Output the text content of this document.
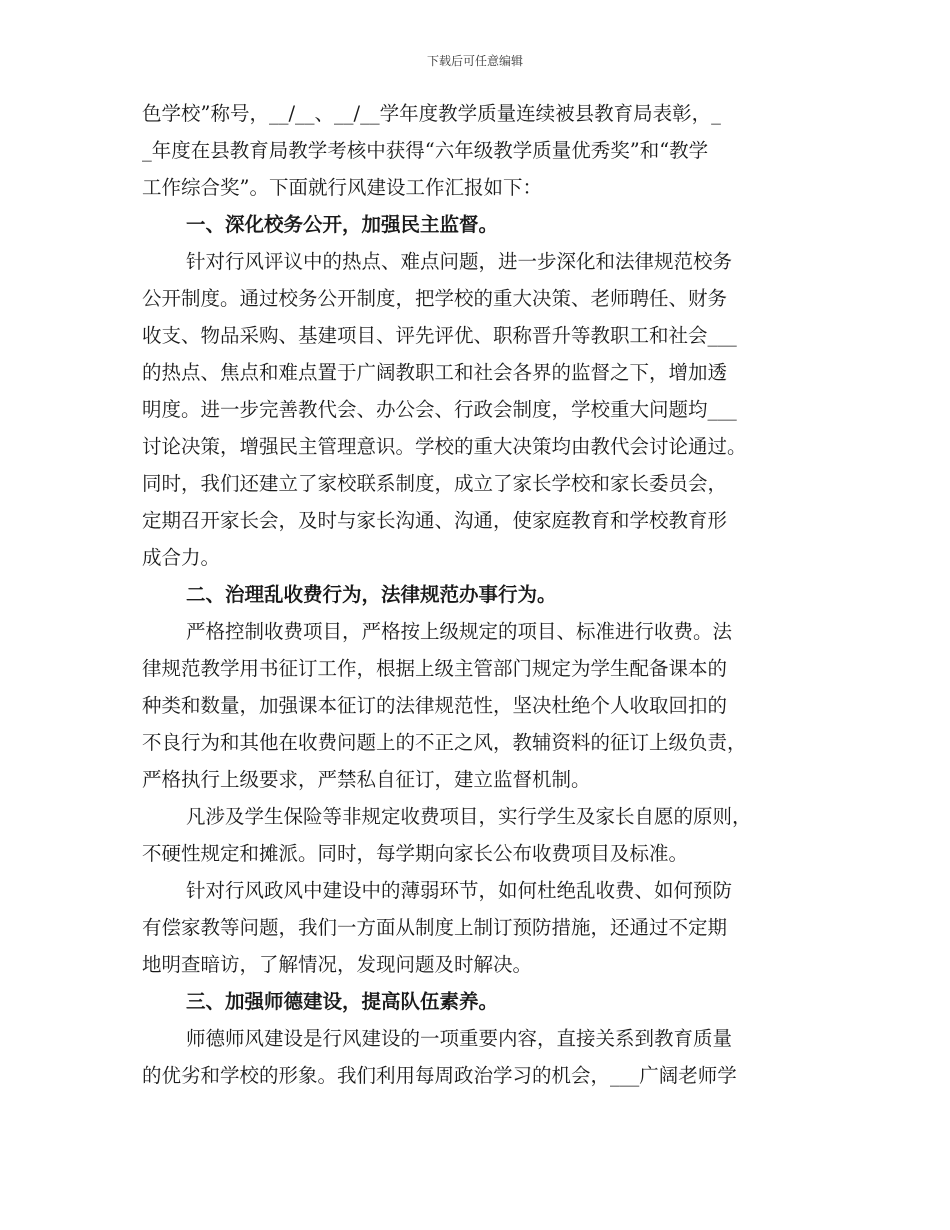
下载后可任意编辑
色学校”称号，__/__、__/__学年度教学质量连续被县教育局表彰，_
_年度在县教育局教学考核中获得“六年级教学质量优秀奖”和“教学
工作综合奖”。下面就行风建设工作汇报如下：
一、深化校务公开，加强民主监督。
针对行风评议中的热点、难点问题，进一步深化和法律规范校务
公开制度。通过校务公开制度，把学校的重大决策、老师聘任、财务
收支、物品采购、基建项目、评先评优、职称晋升等教职工和社会___
的热点、焦点和难点置于广阔教职工和社会各界的监督之下，增加透
明度。进一步完善教代会、办公会、行政会制度，学校重大问题均___
讨论决策，增强民主管理意识。学校的重大决策均由教代会讨论通过。
同时，我们还建立了家校联系制度，成立了家长学校和家长委员会，
定期召开家长会，及时与家长沟通、沟通，使家庭教育和学校教育形
成合力。
二、治理乱收费行为，法律规范办事行为。
严格控制收费项目，严格按上级规定的项目、标准进行收费。法
律规范教学用书征订工作，根据上级主管部门规定为学生配备课本的
种类和数量，加强课本征订的法律规范性，坚决杜绝个人收取回扣的
不良行为和其他在收费问题上的不正之风，教辅资料的征订上级负责，
严格执行上级要求，严禁私自征订，建立监督机制。
凡涉及学生保险等非规定收费项目，实行学生及家长自愿的原则，
不硬性规定和摊派。同时，每学期向家长公布收费项目及标准。
针对行风政风中建设中的薄弱环节，如何杜绝乱收费、如何预防
有偿家教等问题，我们一方面从制度上制订预防措施，还通过不定期
地明查暗访，了解情况，发现问题及时解决。
三、加强师德建设，提高队伍素养。
师德师风建设是行风建设的一项重要内容，直接关系到教育质量
的优劣和学校的形象。我们利用每周政治学习的机会，___广阔老师学
